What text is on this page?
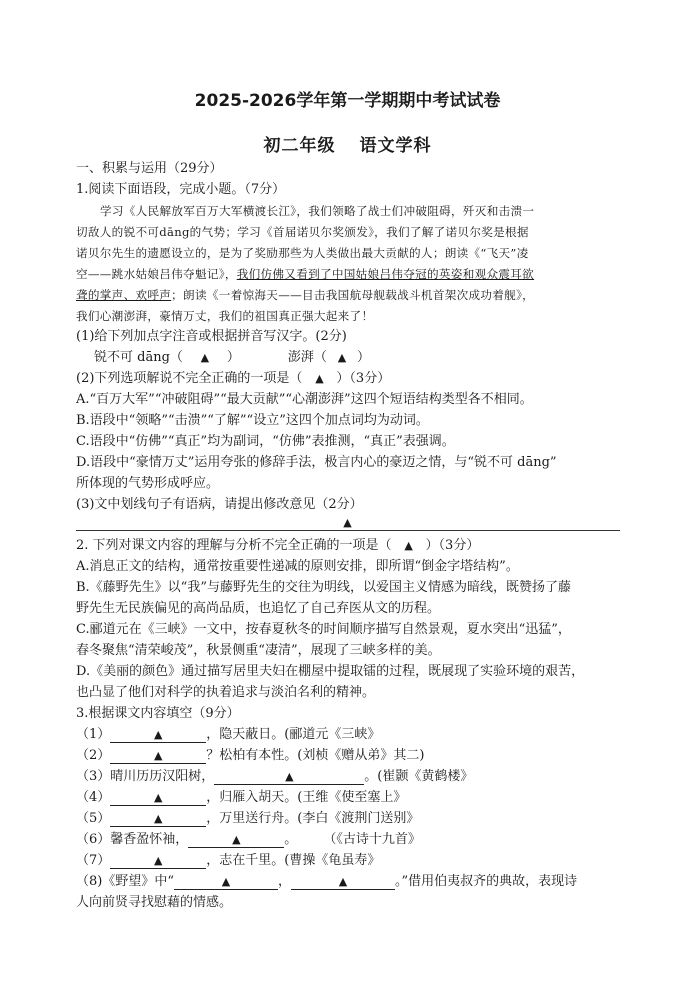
2025-2026学年第一学期期中考试试卷
初二年级 语文学科
一、积累与运用（29分）
1.阅读下面语段，完成小题。（7分）
学习《人民解放军百万大军横渡长江》，我们领略了战士们冲破阻碍，歼灭和击溃一
切敌人的锐不可dāng的气势；学习《首届诺贝尔奖颁发》，我们了解了诺贝尔奖是根据
诺贝尔先生的遗愿设立的，是为了奖励那些为人类做出最大贡献的人；朗读《“飞天”凌
空——跳水姑娘吕伟夺魁记》，我们仿佛又看到了中国姑娘吕伟夺冠的英姿和观众震耳欲
聋的掌声、欢呼声；朗读《一着惊海天——目击我国航母舰载战斗机首架次成功着舰》，
我们心潮澎湃，豪情万丈，我们的祖国真正强大起来了！
(1)给下列加点字注音或根据拼音写汉字。(2分)
锐不可 dāng（ ▲ ）	澎湃（ ▲ ）
(2)下列选项解说不完全正确的一项是（ ▲ ）（3分）
A.“百万大军”“冲破阻碍”“最大贡献”“心潮澎湃”这四个短语结构类型各不相同。
B.语段中“领略”“击溃”“了解”“设立”这四个加点词均为动词。
C.语段中“仿佛”“真正”均为副词，“仿佛”表推测，“真正”表强调。
D.语段中“豪情万丈”运用夸张的修辞手法，极言内心的豪迈之情，与“锐不可 dāng”
所体现的气势形成呼应。
(3)文中划线句子有语病，请提出修改意见（2分）
▲
2. 下列对课文内容的理解与分析不完全正确的一项是（ ▲ ）（3分）
A.消息正文的结构，通常按重要性递减的原则安排，即所谓“倒金字塔结构”。
B.《藤野先生》以“我”与藤野先生的交往为明线，以爱国主义情感为暗线，既赞扬了藤
野先生无民族偏见的高尚品质，也追忆了自己弃医从文的历程。
C.郦道元在《三峡》一文中，按春夏秋冬的时间顺序描写自然景观，夏水突出“迅猛”，
春冬聚焦“清荣峻茂”，秋景侧重“凄清”，展现了三峡多样的美。
D.《美丽的颜色》通过描写居里夫妇在棚屋中提取镭的过程，既展现了实验环境的艰苦，
也凸显了他们对科学的执着追求与淡泊名利的精神。
3.根据课文内容填空（9分）
（1）	▲	，隐天蔽日。(郦道元《三峡》
（2）	▲	？松柏有本性。(刘桢《赠从弟》其二)
（3）晴川历历汉阳树，	▲	。(崔颢《黄鹤楼》
（4）	▲	，归雁入胡天。(王维《使至塞上》
（5）	▲	，万里送行舟。(李白《渡荆门送别》
（6）馨香盈怀袖，	▲	。 （《古诗十九首》
（7）	▲	，志在千里。(曹操《龟虽寿》
（8)《野望》中“	▲	，	▲	。”借用伯夷叔齐的典故，表现诗
人向前贤寻找慰藉的情感。
